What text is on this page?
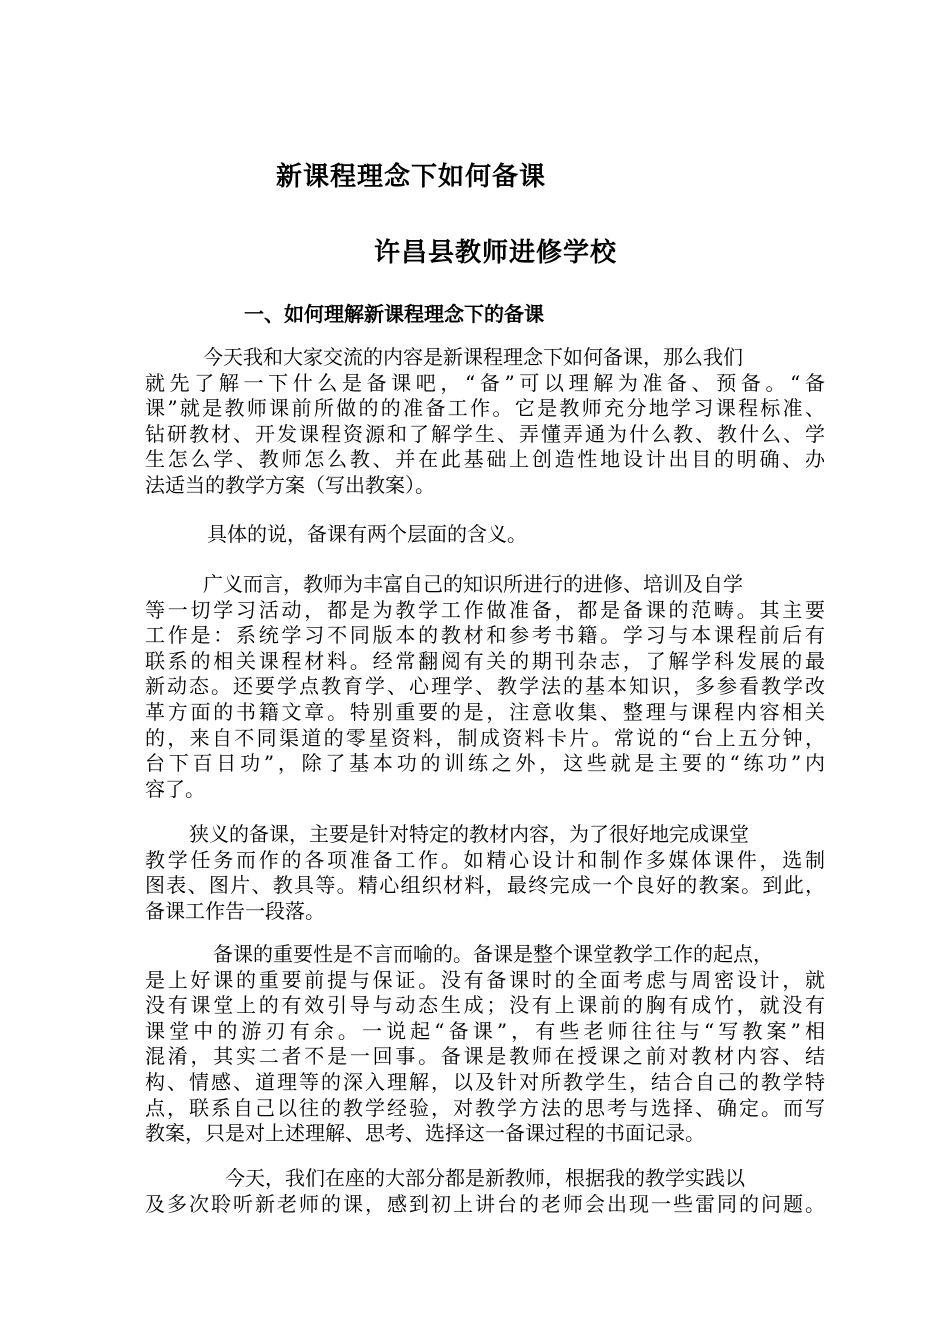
新课程理念下如何备课
许昌县教师进修学校
一、如何理解新课程理念下的备课
今天我和大家交流的内容是新课程理念下如何备课，那么我们
就先了解一下什么是备课吧，“备”可以理解为准备、预备。“备
课”就是教师课前所做的的准备工作。它是教师充分地学习课程标准、
钻研教材、开发课程资源和了解学生、弄懂弄通为什么教、教什么、学
生怎么学、教师怎么教、并在此基础上创造性地设计出目的明确、办
法适当的教学方案（写出教案）。
具体的说，备课有两个层面的含义。
广义而言，教师为丰富自己的知识所进行的进修、培训及自学
等一切学习活动，都是为教学工作做准备，都是备课的范畴。其主要
工作是：系统学习不同版本的教材和参考书籍。学习与本课程前后有
联系的相关课程材料。经常翻阅有关的期刊杂志，了解学科发展的最
新动态。还要学点教育学、心理学、教学法的基本知识，多参看教学改
革方面的书籍文章。特别重要的是，注意收集、整理与课程内容相关
的，来自不同渠道的零星资料，制成资料卡片。常说的“台上五分钟，
台下百日功”，除了基本功的训练之外，这些就是主要的“练功”内
容了。
狭义的备课，主要是针对特定的教材内容，为了很好地完成课堂
教学任务而作的各项准备工作。如精心设计和制作多媒体课件，选制
图表、图片、教具等。精心组织材料，最终完成一个良好的教案。到此，
备课工作告一段落。
备课的重要性是不言而喻的。备课是整个课堂教学工作的起点，
是上好课的重要前提与保证。没有备课时的全面考虑与周密设计，就
没有课堂上的有效引导与动态生成；没有上课前的胸有成竹，就没有
课堂中的游刃有余。一说起“备课”，有些老师往往与“写教案”相
混淆，其实二者不是一回事。备课是教师在授课之前对教材内容、结
构、情感、道理等的深入理解，以及针对所教学生，结合自己的教学特
点，联系自己以往的教学经验，对教学方法的思考与选择、确定。而写
教案，只是对上述理解、思考、选择这一备课过程的书面记录。
今天，我们在座的大部分都是新教师，根据我的教学实践以
及多次聆听新老师的课，感到初上讲台的老师会出现一些雷同的问题。
